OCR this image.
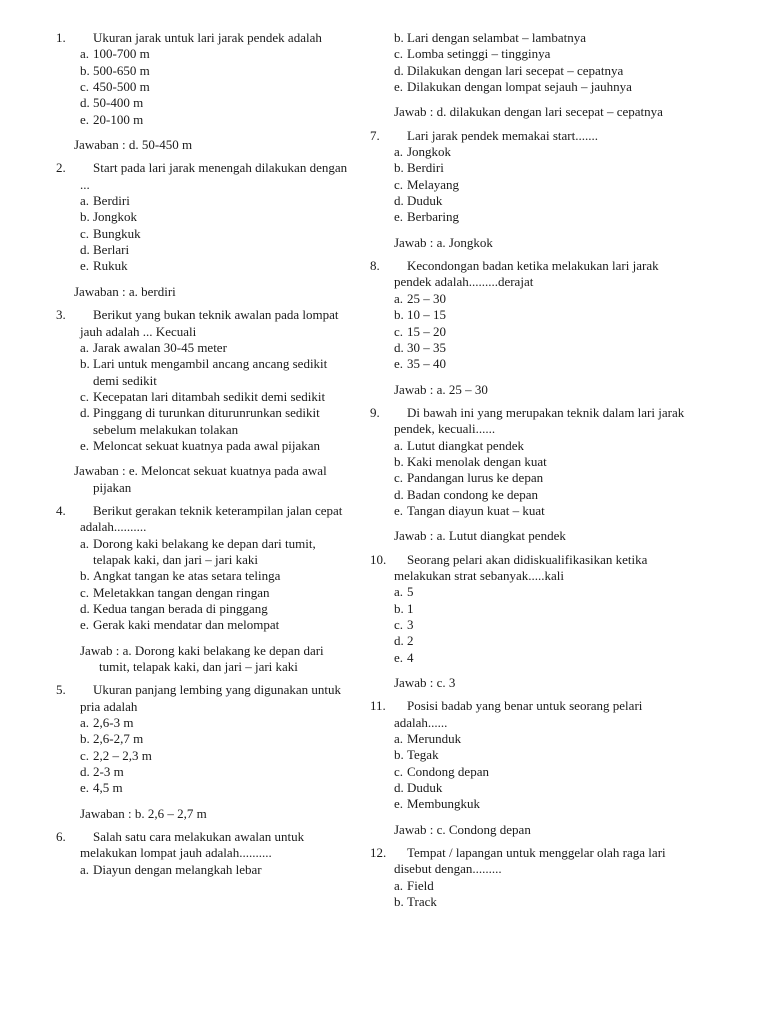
1.	Ukuran jarak untuk lari jarak pendek adalah
a. 100-700 m
b. 500-650 m
c. 450-500 m
d. 50-400 m
e. 20-100 m
Jawaban : d. 50-450 m
2.	Start pada lari jarak menengah dilakukan dengan ...
a. Berdiri
b. Jongkok
c. Bungkuk
d. Berlari
e. Rukuk
Jawaban : a. berdiri
3.	Berikut yang bukan teknik awalan pada lompat jauh adalah ... Kecuali
a. Jarak awalan 30-45 meter
b. Lari untuk mengambil ancang ancang sedikit demi sedikit
c. Kecepatan lari ditambah sedikit demi sedikit
d. Pinggang di turunkan diturunrunkan sedikit sebelum melakukan tolakan
e. Meloncat sekuat kuatnya pada awal pijakan
Jawaban : e. Meloncat sekuat kuatnya pada awal pijakan
4.	Berikut gerakan teknik keterampilan jalan cepat adalah..........
a. Dorong kaki belakang ke depan dari tumit, telapak kaki, dan jari – jari kaki
b. Angkat tangan ke atas setara telinga
c. Meletakkan tangan dengan ringan
d. Kedua tangan berada di pinggang
e. Gerak kaki mendatar dan melompat
Jawab : a. Dorong kaki belakang ke depan dari tumit, telapak kaki, dan jari – jari kaki
5.	Ukuran panjang lembing yang digunakan untuk pria adalah
a. 2,6-3 m
b. 2,6-2,7 m
c. 2,2 – 2,3 m
d. 2-3 m
e. 4,5 m
Jawaban : b. 2,6 – 2,7 m
6.	Salah satu cara melakukan awalan untuk melakukan lompat jauh adalah..........
a. Diayun dengan melangkah lebar
b. Lari dengan selambat – lambatnya
c. Lomba setinggi – tingginya
d. Dilakukan dengan lari secepat – cepatnya
e. Dilakukan dengan lompat sejauh – jauhnya
Jawab : d. dilakukan dengan lari secepat – cepatnya
7.	Lari jarak pendek memakai start.......
a. Jongkok
b. Berdiri
c. Melayang
d. Duduk
e. Berbaring
Jawab : a. Jongkok
8.	Kecondongan badan ketika melakukan lari jarak pendek adalah.........derajat
a. 25 – 30
b. 10 – 15
c. 15 – 20
d. 30 – 35
e. 35 – 40
Jawab : a. 25 – 30
9.	Di bawah ini yang merupakan teknik dalam lari jarak pendek, kecuali......
a. Lutut diangkat pendek
b. Kaki menolak dengan kuat
c. Pandangan lurus ke depan
d. Badan condong ke depan
e. Tangan diayun kuat – kuat
Jawab : a. Lutut diangkat pendek
10.	Seorang pelari akan didiskualifikasikan ketika melakukan strat sebanyak.....kali
a. 5
b. 1
c. 3
d. 2
e. 4
Jawab : c. 3
11.	Posisi badab yang benar untuk seorang pelari adalah......
a. Merunduk
b. Tegak
c. Condong depan
d. Duduk
e. Membungkuk
Jawab : c. Condong depan
12.	Tempat / lapangan untuk menggelar olah raga lari disebut dengan.........
a. Field
b. Track
